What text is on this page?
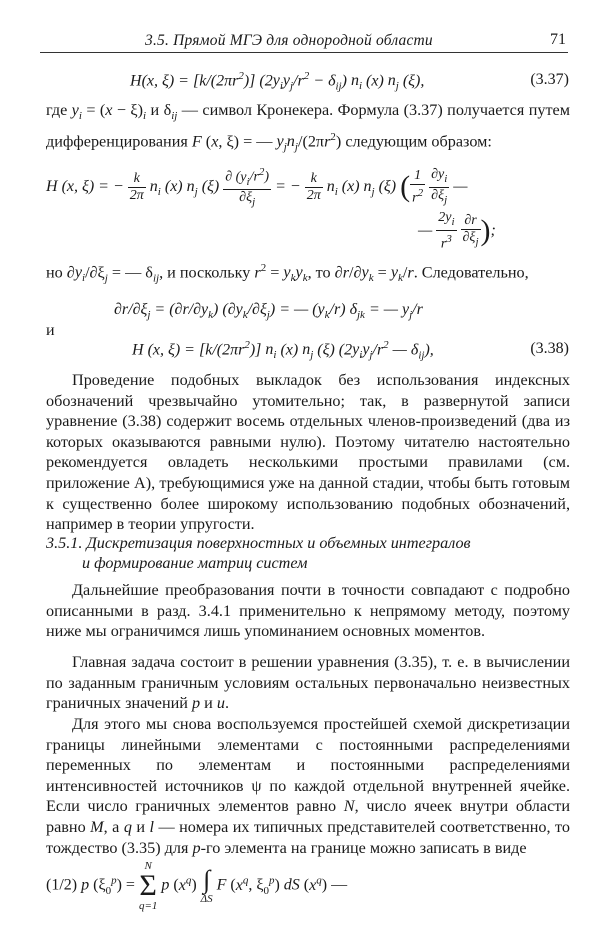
3.5. Прямой МГЭ для однородной области	71
H(x, $\xi) = [k/(2\pi r^2)] (2y_iy_j/r^2 - \delta_{ij})$ $n_i$ (x) $n_j$ (ξ),	(3.37)

где $y_i = (x - \xi)_i$ и $\delta_{ij}$ — символ Кронекера. Формула (3.37) получается путем дифференцирования F (x, ξ) = — $y_jn_j/(2\pi r^2)$ следующим образом:

H (x, ξ) = − $\frac{k}{2\pi} n_i$ (x) $n_j$ $(\xi) \frac{\partial (y_i/r^2)}{\partial\xi_j}$ = − $\frac{k}{2\pi} n_i$ (x) $n_j$ (ξ) ( $\frac{1}{r^2}$
$\frac{\partial y_i}{\partial\xi_j}$ —
— $\frac{2y_i}{r^3}$
$\frac{\partial r}{\partial\xi_j}$ );

но $\partial y_i/\partial\xi_j$ = — $\delta_{ij}$, и поскольку $r^2 = y_ky_k$, то $\partial r/\partial y_k = y_k/r$. Следовательно,

$\partial r/\partial\xi_j = (\partial r/\partial y_k) (\partial y_k/\partial\xi_j)$ = — $(y_k/r) \delta_{jk}$ = — $y_j/r$
и
H (x, $\xi) = [k/(2\pi r^2)]$ $n_i$ (x) $n_j$ (ξ) ($2y_iy_j/r^2$ — $\delta_{ij}$),	(3.38)

Проведение подобных выкладок без использования индексных обозначений чрезвычайно утомительно; так, в развернутой записи уравнение (3.38) содержит восемь отдельных членов-произведений (два из которых оказываются равными нулю). Поэтому читателю настоятельно рекомендуется овладеть несколькими простыми правилами (см. приложение A), требующимися уже на данной стадии, чтобы быть готовым к существенно более широкому использованию подобных обозначений, например в теории упругости.

3.5.1. Дискретизация поверхностных и объемных интегралов
и формирование матриц систем

Дальнейшие преобразования почти в точности совпадают с подробно описанными в разд. 3.4.1 применительно к непрямому методу, поэтому ниже мы ограничимся лишь упоминанием основных моментов.

Главная задача состоит в решении уравнения (3.35), т. е. в вычислении по заданным граничным условиям остальных первоначально неизвестных граничных значений p и u.

Для этого мы снова воспользуемся простейшей схемой дискретизации границы линейными элементами с постоянными распределениями переменных по элементам и постоянными распределениями интенсивностей источников ψ по каждой отдельной внутренней ячейке. Если число граничных элементов равно N, число ячеек внутри области равно M, а q и l — номера их типичных представителей соответственно, то тождество (3.35) для p-го элемента на границе можно записать в виде

(1/2) p $(\xi_0^p)$ =
N
Σ
q=1
p $(x^q)$ ∫
ΔS
F ($x^q$, $\xi_0^p$) dS $(x^q)$ —
